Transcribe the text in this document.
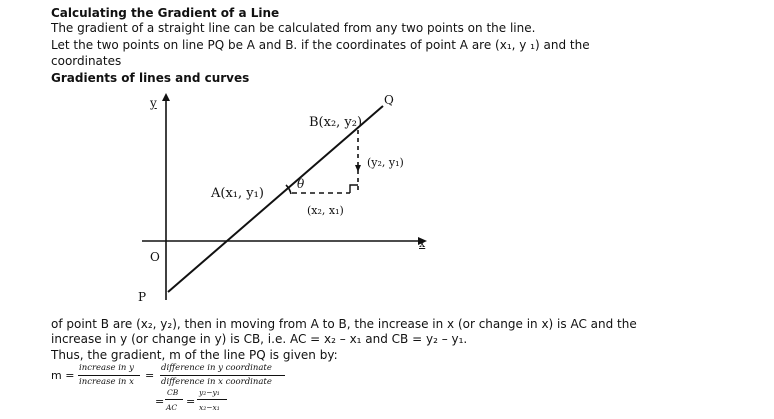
Calculating the Gradient of a Line
The gradient of a straight line can be calculated from any two points on the line.
Let the two points on line PQ be A and B. if the coordinates of point A are (x₁, y ₁) and the
coordinates
Gradients of lines and curves
y
x
O
P
Q
B(x₂, y₂)
A(x₁, y₁)
θ
(y₂, y₁)
(x₂, x₁)
of point B are (x₂, y₂), then in moving from A to B, the increase in x (or change in x) is AC and the
increase in y (or change in y) is CB, i.e. AC = x₂ – x₁ and CB = y₂ – y₁.
Thus, the gradient, m of the line PQ is given by:
m =
increase in y
increase in x =
difference in y coordinate
difference in x coordinate
=
CB
AC =
y₂−y₁
x₂−x₁
